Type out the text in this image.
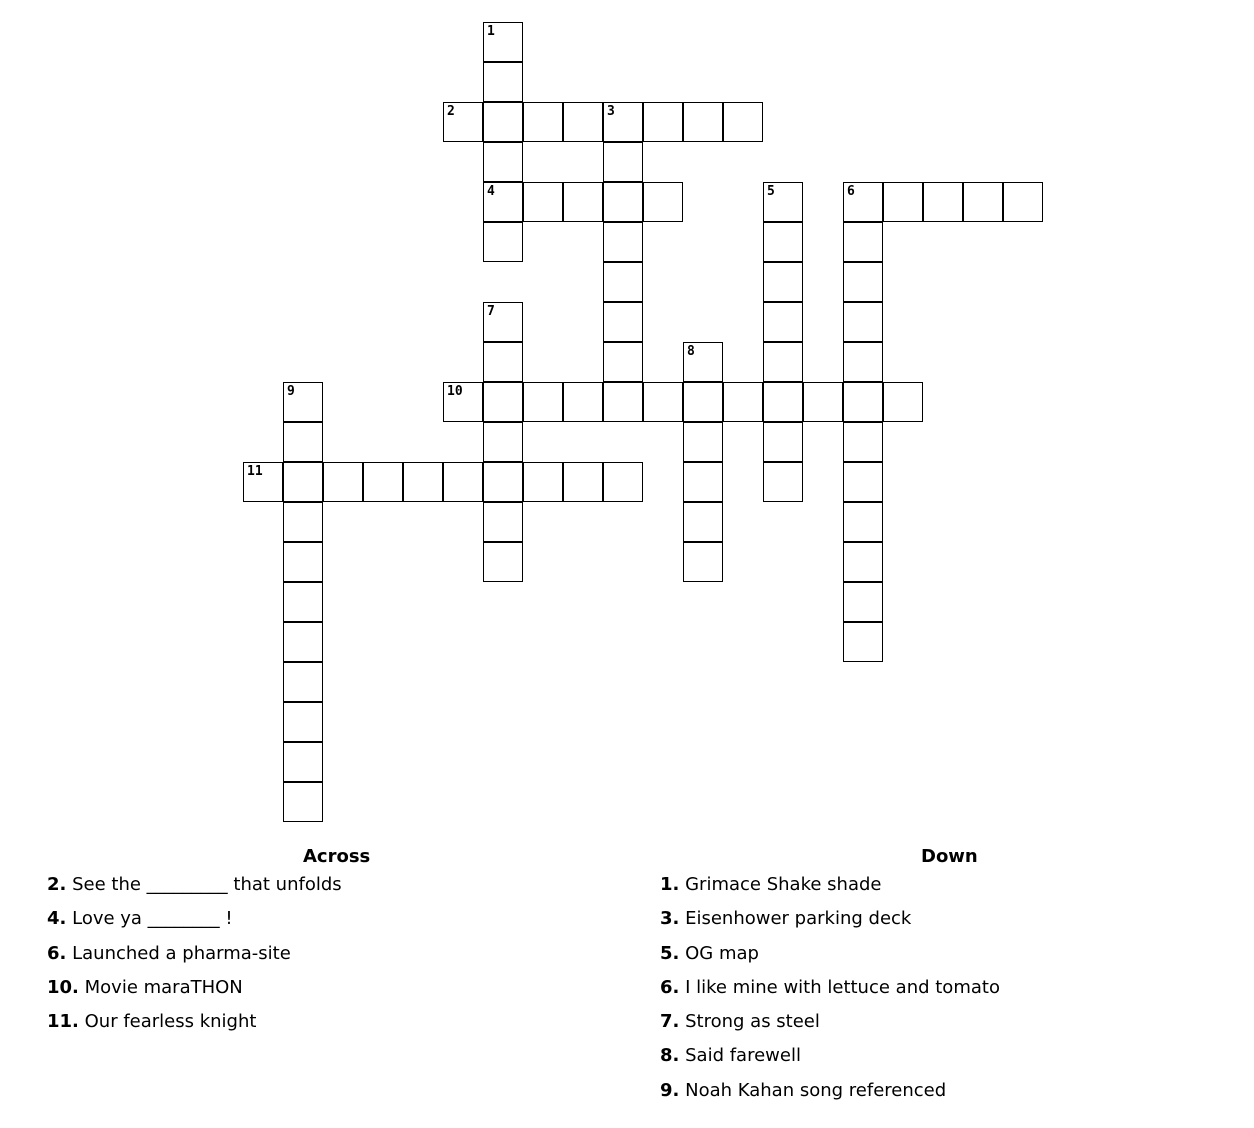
1
4
2	3
5	6
7
8
9	10
11
Across
2. See the _________ that unfolds
4. Love ya ________ !
6. Launched a pharma-site
10. Movie maraTHON
11. Our fearless knight
Down
1. Grimace Shake shade
3. Eisenhower parking deck
5. OG map
6. I like mine with lettuce and tomato
7. Strong as steel
8. Said farewell
9. Noah Kahan song referenced
